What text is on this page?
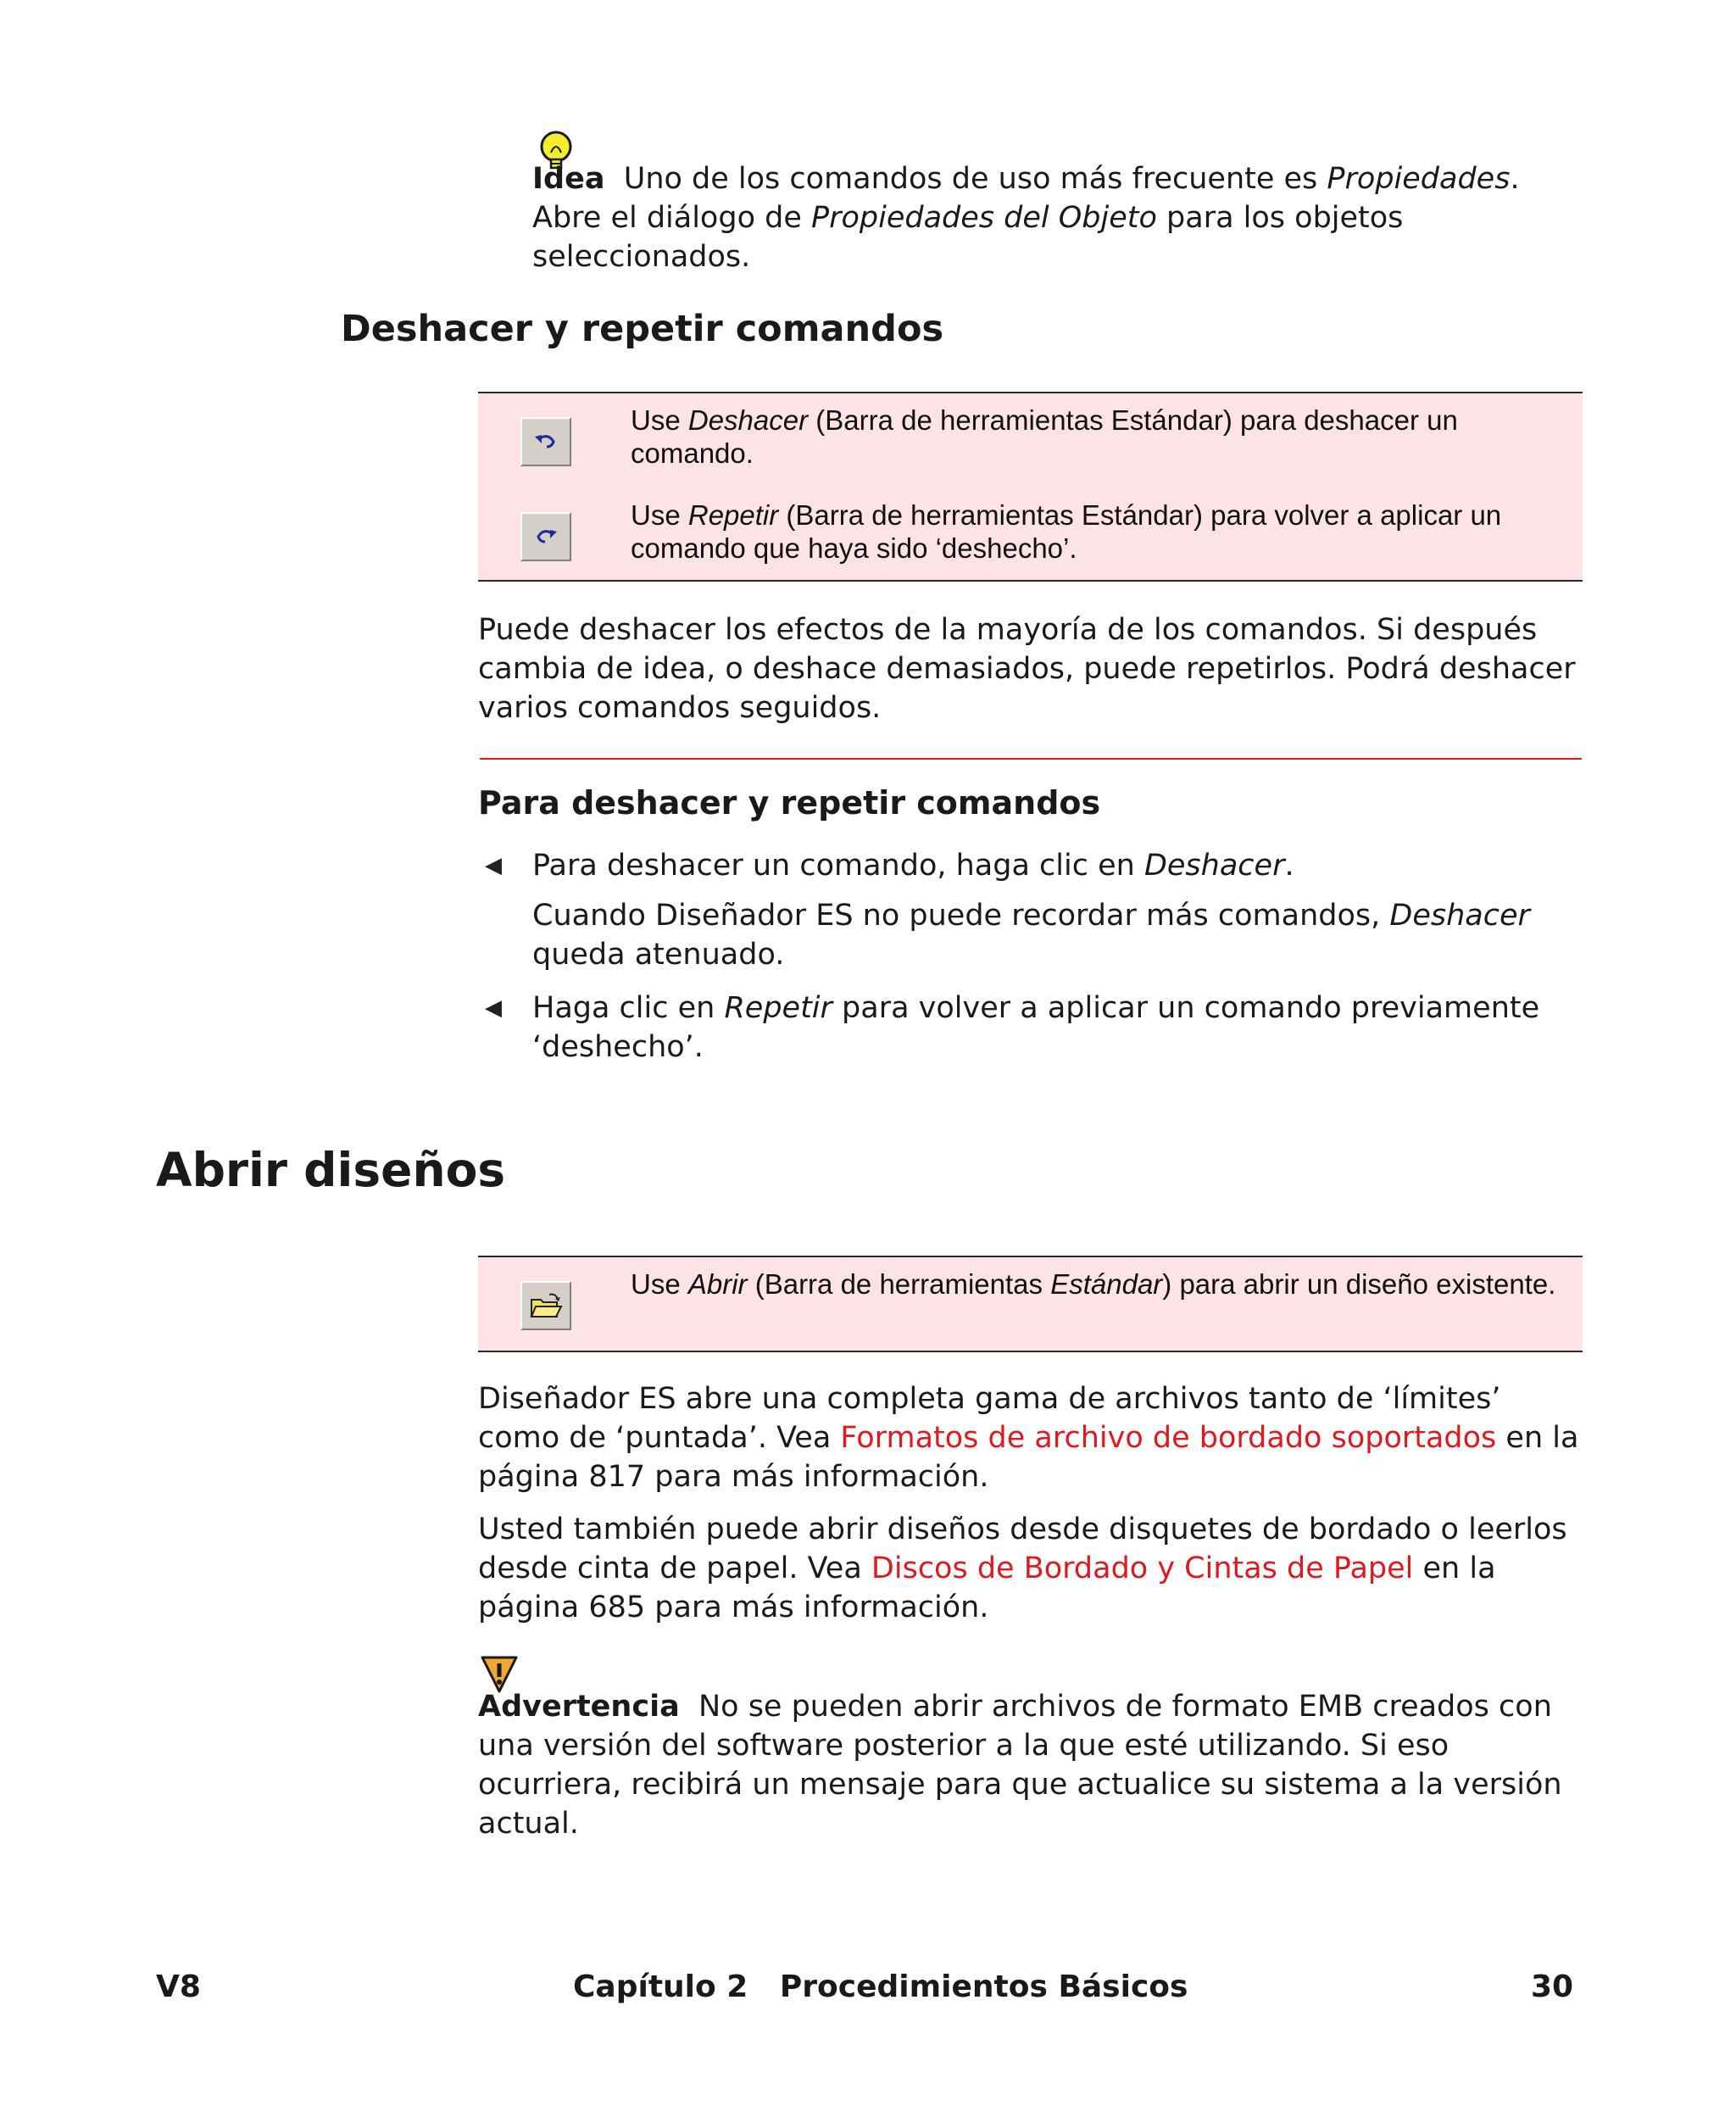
Idea Uno de los comandos de uso más frecuente es Propiedades. Abre el diálogo de Propiedades del Objeto para los objetos seleccionados.
Deshacer y repetir comandos
Use Deshacer (Barra de herramientas Estándar) para deshacer un comando.
Use Repetir (Barra de herramientas Estándar) para volver a aplicar un comando que haya sido ‘deshecho’.
Puede deshacer los efectos de la mayoría de los comandos. Si después cambia de idea, o deshace demasiados, puede repetirlos. Podrá deshacer varios comandos seguidos.
Para deshacer y repetir comandos
◀ Para deshacer un comando, haga clic en Deshacer.
Cuando Diseñador ES no puede recordar más comandos, Deshacer queda atenuado.
◀ Haga clic en Repetir para volver a aplicar un comando previamente ‘deshecho’.
Abrir diseños
Use Abrir (Barra de herramientas Estándar) para abrir un diseño existente.
Diseñador ES abre una completa gama de archivos tanto de ‘límites’ como de ‘puntada’. Vea Formatos de archivo de bordado soportados en la página 817 para más información.
Usted también puede abrir diseños desde disquetes de bordado o leerlos desde cinta de papel. Vea Discos de Bordado y Cintas de Papel en la página 685 para más información.
Advertencia No se pueden abrir archivos de formato EMB creados con una versión del software posterior a la que esté utilizando. Si eso ocurriera, recibirá un mensaje para que actualice su sistema a la versión actual.
V8	Capítulo 2   Procedimientos Básicos	30
